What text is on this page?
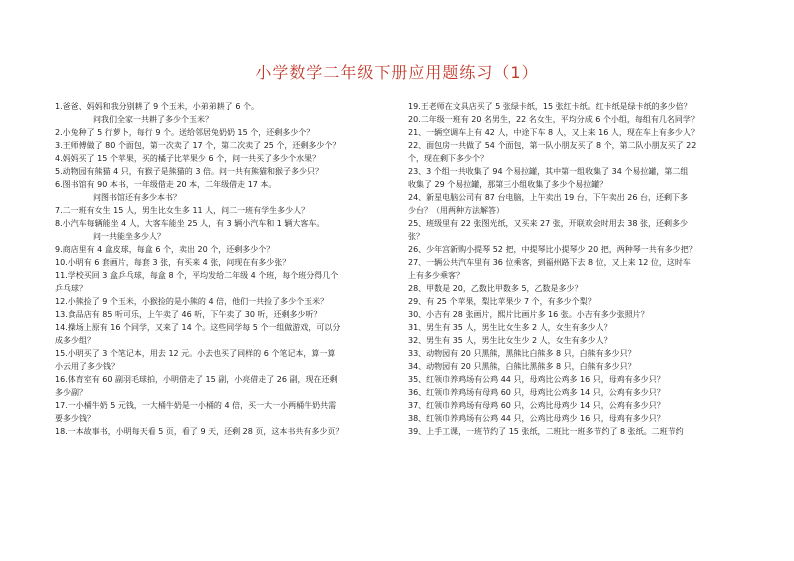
小学数学二年级下册应用题练习（1）
1.爸爸、妈妈和我分别耕了 9 个玉米，小弟弟耕了 6 个。
问我们全家一共耕了多少个玉米？
2.小兔种了 5 行萝卜，每行 9 个。送给邻居兔奶奶 15 个，还剩多少个？
3.王师傅做了 80 个面包，第一次卖了 17 个，第二次卖了 25 个，还剩多少个？
4.妈妈买了 15 个苹果，买的橘子比苹果少 6 个，问一共买了多少个水果？
5.动物园有熊猫 4 只，有猴子是熊猫的 3 倍。问一共有熊猫和猴子多少只？
6.图书馆有 90 本书，一年级借走 20 本，二年级借走 17 本。
问图书馆还有多少本书？
7.二一班有女生 15 人，男生比女生多 11 人，问二一班有学生多少人？
8.小汽车每辆能坐 4 人，大客车能坐 25 人，有 3 辆小汽车和 1 辆大客车。
问一共能坐多少人？
9.商店里有 4 盒皮球，每盒 6 个，卖出 20 个，还剩多少个？
10.小明有 6 套画片，每套 3 张，有买来 4 张，问现在有多少张？
11.学校买回 3 盒乒乓球，每盒 8 个，平均发给二年级 4 个班，每个班分得几个
乒乓球？
12.小熊捡了 9 个玉米，小猴捡的是小熊的 4 倍，他们一共捡了多少个玉米？
13.食品店有 85 听可乐，上午卖了 46 听，下午卖了 30 听，还剩多少听？
14.操场上原有 16 个同学，又来了 14 个。这些同学每 5 个一组做游戏，可以分
成多少组？
15.小明买了 3 个笔记本，用去 12 元。小去也买了同样的 6 个笔记本，算一算
小云用了多少钱？
16.体育室有 60 副羽毛球拍，小明借走了 15 副，小亮借走了 26 副，现在还剩
多少副？
17.一小桶牛奶 5 元钱，一大桶牛奶是一小桶的 4 倍，买一大一小两桶牛奶共需
要多少钱？
18.一本故事书，小明每天看 5 页，看了 9 天，还剩 28 页，这本书共有多少页？
19.王老师在文具店买了 5 张绿卡纸，15 张红卡纸。红卡纸是绿卡纸的多少倍？
20.二年级一班有 20 名男生，22 名女生，平均分成 6 个小组，每组有几名同学？
21、一辆空调车上有 42 人，中途下车 8 人，又上来 16 人，现在车上有多少人？
22、面包房一共做了 54 个面包，第一队小朋友买了 8 个，第二队小朋友买了 22
个，现在剩下多少个？
23、3 个组一共收集了 94 个易拉罐，其中第一组收集了 34 个易拉罐，第二组
收集了 29 个易拉罐，那第三小组收集了多少个易拉罐？
24、新星电脑公司有 87 台电脑，上午卖出 19 台，下午卖出 26 台，还剩下多
少台？（用两种方法解答）
25、班级里有 22 张图光纸，又买来 27 张，开联欢会时用去 38 张，还剩多少
张？
26、少年宫新购小提琴 52 把，中提琴比小提琴少 20 把，两种琴一共有多少把？
27、一辆公共汽车里有 36 位乘客，到福州路下去 8 位，又上来 12 位，这时车
上有多少乘客？
28、甲数是 20，乙数比甲数多 5，乙数是多少？
29、有 25 个苹果，梨比苹果少 7 个，有多少个梨？
30、小吉有 28 张画片，熙片比画片多 16 张。小吉有多少张照片？
31、男生有 35 人，男生比女生多 2 人，女生有多少人？
32、男生有 35 人，男生比女生少 2 人，女生有多少人？
33、动物园有 20 只黑熊，黑熊比白熊多 8 只，白熊有多少只？
34、动物园有 20 只黑熊，白熊比黑熊多 8 只，白熊有多少只？
35、红领巾养鸡场有公鸡 44 只，母鸡比公鸡多 16 只，母鸡有多少只？
36、红领巾养鸡场有母鸡 60 只，母鸡比公鸡多 14 只，公鸡有多少只？
37、红领巾养鸡场有母鸡 60 只，公鸡比母鸡少 14 只，公鸡有多少只？
38、红领巾养鸡场有公鸡 44 只，公鸡比母鸡少 16 只，母鸡有多少只？
39、上手工课，一班节约了 15 张纸，二班比一班多节约了 8 张纸。二班节约
